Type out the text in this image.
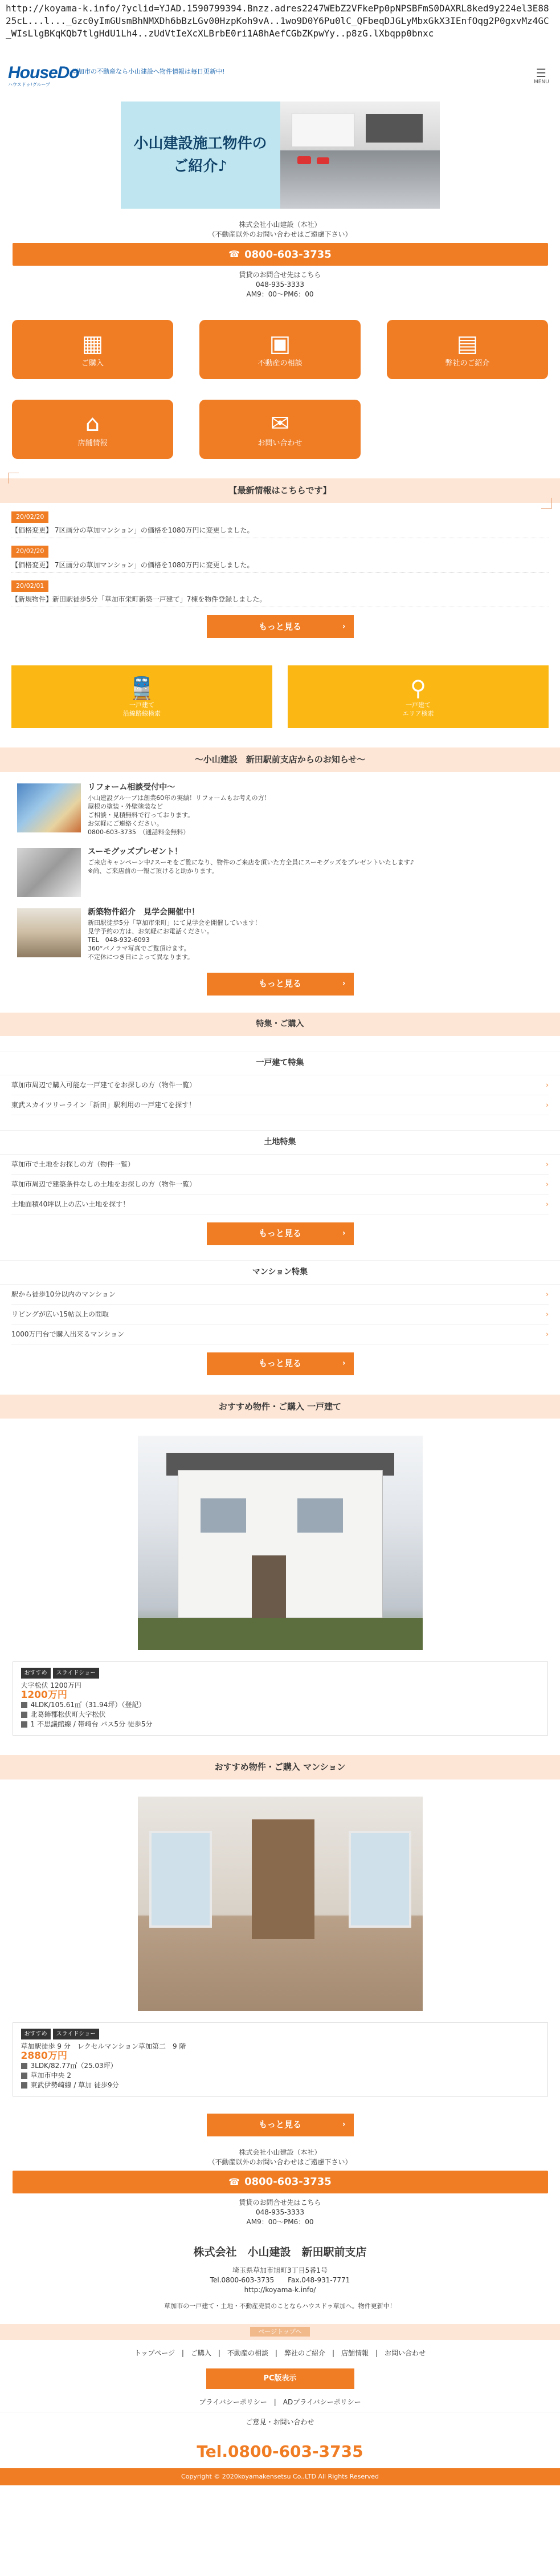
http://koyama-k.info/?yclid=YJAD.1590799394.Bnzz.adres2247WEbZ2VFkePp0pNPSBFmS0DAXRL8ked9y224el3E8825cL...l..._Gzc0yImGUsmBhNMXDh6bBzLGv00HzpKoh9vA..1wo9D0Y6Pu0lC_QFbeqDJGLyMbxGkX3IEnfOqg2P0gxvMz4GC_WIsLlgBKqKQb7tlgHdU1Lh4..zUdVtIeXcXLBrbE0ri1A8hAefCGbZKpwYy..p8zG.lXbqpp0bnxc
HouseDo
ハウスドゥ!グループ
草加市の不動産なら小山建設へ物件情報は毎日更新中!	☰
MENU
小山建設施工物件の
ご紹介♪
株式会社小山建設（本社）
（不動産以外のお問い合わせはご遠慮下さい）
☎ 0800-603-3735
賃貸のお問合せ先はこちら
048-935-3333
AM9：00〜PM6：00
▦
ご購入
▣
不動産の相談
▤
弊社のご紹介
⌂
店舗情報
✉
お問い合わせ
【最新情報はこちらです】
20/02/20
【価格変更】 7区画分の草加マンション」の価格を1080万円に変更しました。
20/02/20
【価格変更】 7区画分の草加マンション」の価格を1080万円に変更しました。
20/02/01
【新規物件】新田駅徒歩5分「草加市栄町新築一戸建て」7棟を物件登録しました。
もっと見る	›
🚆
一戸建て
沿線路線検索
⚲
一戸建て
エリア検索
〜小山建設　新田駅前支店からのお知らせ〜
リフォーム相談受付中〜
小山建設グループは創業60年の実績！リフォームもお考えの方！
屋根の塗装・外壁塗装など
ご相談・見積無料で行っております。
お気軽にご連絡ください。
0800-603-3735　（通話料金無料）
スーモグッズプレゼント！
ご来店キャンペーン中♪スーモをご覧になり、物件のご来店を頂いた方全員にスーモグッズをプレゼントいたします♪
※尚、ご来店前の一報ご頂けると助かります。
新築物件紹介　見学会開催中！
新田駅徒歩5分「草加市栄町」にて見学会を開催しています！
見学予約の方は、お気軽にお電話ください。
TEL　048-932-6093
360°パノラマ写真でご覧頂けます。
不定休につき日によって異なります。
もっと見る	›
特集・ご購入
一戸建て特集
草加市周辺で購入可能な一戸建てをお探しの方（物件一覧）	›
東武スカイツリーライン「新田」駅利用の一戸建てを探す！	›
土地特集
草加市で土地をお探しの方（物件一覧）	›
草加市周辺で建築条件なしの土地をお探しの方（物件一覧）	›
土地面積40坪以上の広い土地を探す！	›
もっと見る	›
マンション特集
駅から徒歩10分以内のマンション	›
リビングが広い15帖以上の間取	›
1000万円台で購入出来るマンション	›
もっと見る	›
おすすめ物件・ご購入 一戸建て
おすすめ	スライドショー
大字松伏 1200万円
1200万円
4LDK/105.61㎡（31.94坪）（登記）
北葛飾郡松伏町大字松伏
1 不思議館線 / 帯崎台 バス5分 徒歩5分
おすすめ物件・ご購入 マンション
おすすめ	スライドショー
草加駅徒歩 9 分　レクセルマンション草加第二　9 階
2880万円
3LDK/82.77㎡（25.03坪）
草加市中央 2
東武伊勢崎線 / 草加 徒歩9分
もっと見る	›
株式会社小山建設（本社）
（不動産以外のお問い合わせはご遠慮下さい）
☎ 0800-603-3735
賃貸のお問合せ先はこちら
048-935-3333
AM9：00〜PM6：00
株式会社　小山建設　新田駅前支店
埼玉県草加市旭町3丁目5番1号
Tel.0800-603-3735　　Fax.048-931-7771
http://koyama-k.info/
草加市の一戸建て・土地・不動産売買のことならハウスドゥ草加へ。物件更新中！
ページトップへ
トップページ　|　ご購入　|　不動産の相談　|　弊社のご紹介　|　店舗情報　|　お問い合わせ
PC版表示
プライバシーポリシー　|　ADプライバシーポリシー
ご意見・お問い合わせ
Tel.0800-603-3735
Copyright © 2020koyamakensetsu Co.,LTD All Rights Reserved
